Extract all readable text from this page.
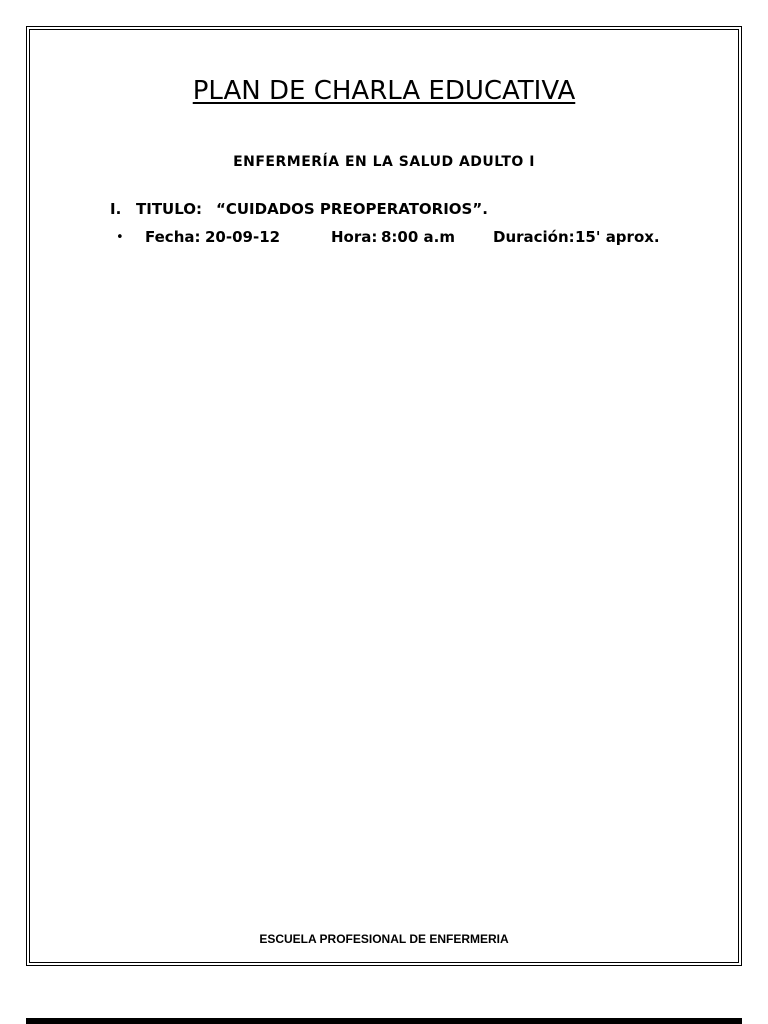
PLAN DE CHARLA EDUCATIVA
ENFERMERÍA EN LA SALUD ADULTO I
I. TITULO: “CUIDADOS PREOPERATORIOS”.
• Fecha: 20-09-12	Hora: 8:00 a.m	Duración: 15' aprox.
ESCUELA PROFESIONAL DE ENFERMERIA
